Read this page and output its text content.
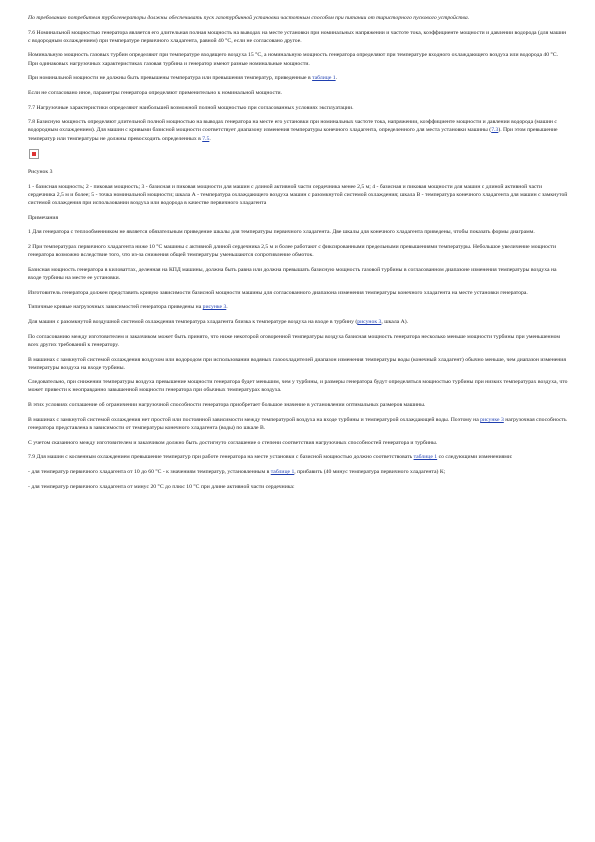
По требованию потребителя турбогенераторы должны обеспечивать пуск газотурбинной установки частотным способом при питании от тиристорного пускового устройства.

7.6 Номинальной мощностью генератора является его длительная полная мощность на выводах на месте установки при номинальных напряжении и частоте тока, коэффициенте мощности и давлении водорода (для машин с водородным охлаждением) при температуре первичного хладагента, равной 40 °С, если не согласовано другое.

Номинальную мощность газовых турбин определяют при температуре входящего воздуха 15 °С, а номинальную мощность генератора определяют при температуре входного охлаждающего воздуха или водорода 40 °С. При одинаковых нагрузочных характеристиках газовая турбина и генератор имеют разные номинальные мощности.

При номинальной мощности не должны быть превышены температура или превышения температур, приведенные в таблице 1.

Если не согласовано иное, параметры генератора определяют применительно к номинальной мощности.

7.7 Нагрузочные характеристики определяют наибольшей возможной полной мощностью при согласованных условиях эксплуатации.

7.8 Базисную мощность определяют длительной полной мощностью на выводах генератора на месте его установки при номинальных частоте тока, напряжении, коэффициенте мощности и давлении водорода (машин с водородным охлаждением). Для машин с кривыми базисной мощности соответствует диапазону изменения температуры конечного хладагента, определенного для места установки машины (7.3). При этом превышение температур или температуры не должны превосходить определенных в 7.5.

Рисунок 3

1 - базисная мощность; 2 - пиковая мощность; 3 - базисная и пиковая мощности для машин с длиной активной части сердечника менее 2,5 м; 4 - базисная и пиковая мощности для машин с длиной активной части сердечника 2,5 м и более; 5 - точка номинальной мощности; шкала А - температура охлаждающего воздуха машин с разомкнутой системой охлаждения; шкала В - температура конечного хладагента для машин с замкнутой системой охлаждения при использовании воздуха или водорода в качестве первичного хладагента

Примечания

1 Для генератора с теплообменником не является обязательным приведение шкалы для температуры первичного хладагента. Две шкалы для конечного хладагента приведены, чтобы показать формы диаграмм.

2 При температурах первичного хладагента ниже 10 °С машины с активной длиной сердечника 2,5 м и более работают с фиксированными предельными превышениями температуры. Небольшое увеличение мощности генератора возможно вследствие того, что из-за снижения общей температуры уменьшаются сопротивление обмоток.

Базисная мощность генератора в киловаттах, деленная на КПД машины, должна быть равна или должна превышать базисную мощность газовой турбины в согласованном диапазоне изменения температуры воздуха на входе турбины на месте ее установки.

Изготовитель генератора должен представить кривую зависимости базисной мощности машины для согласованного диапазона изменения температуры конечного хладагента на месте установки генератора.

Типичные кривые нагрузочных зависимостей генератора приведены на рисунке 3.

Для машин с разомкнутой воздушной системой охлаждения температура хладагента близка к температуре воздуха на входе в турбину (рисунок 3, шкала А).

По согласованию между изготовителем и заказчиком может быть принято, что ниже некоторой оговоренной температуры воздуха базисная мощность генератора несколько меньше мощности турбины при уменьшенном всех других требований к генератору.

В машинах с замкнутой системой охлаждения воздухом или водородом при использовании водяных газоохладителей диапазон изменения температуры воды (конечный хладагент) обычно меньше, чем диапазон изменения температуры воздуха на входе турбины.

Следовательно, при снижении температуры воздуха превышение мощности генератора будет меньшим, чем у турбины, и размеры генератора будут определяться мощностью турбины при низких температурах воздуха, что может привести к неоправданно завышенной мощности генератора при обычных температурах воздуха.

В этих условиях соглашение об ограничении нагрузочной способности генератора приобретает большое значение в установлении оптимальных размеров машины.

В машинах с замкнутой системой охлаждения нет простой или постоянной зависимости между температурой воздуха на входе турбины и температурой охлаждающей воды. Поэтому на рисунке 3 нагрузочная способность генератора представлена в зависимости от температуры конечного хладагента (воды) по шкале В.

С учетом сказанного между изготовителем и заказчиком должно быть достигнуто соглашение о степени соответствия нагрузочных способностей генератора и турбины.

7.9 Для машин с косвенным охлаждением превышение температур при работе генератора на месте установки с базисной мощностью должно соответствовать таблице 1 со следующими изменениями:

- для температур первичного хладагента от 10 до 60 °С - к значениям температур, установленным в таблице 1, прибавить (40 минус температура первичного хладагента) К;

- для температур первичного хладагента от минус 20 °С до плюс 10 °С при длине активной части сердечника:
